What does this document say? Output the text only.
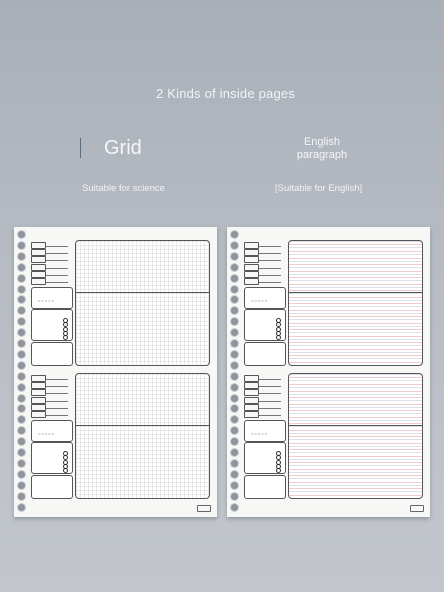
2 Kinds of inside pages
Grid	English paragraph
Suitable for science	[Suitable for English]
○○○○○
○○○○○
○○○○○
○○○○○
